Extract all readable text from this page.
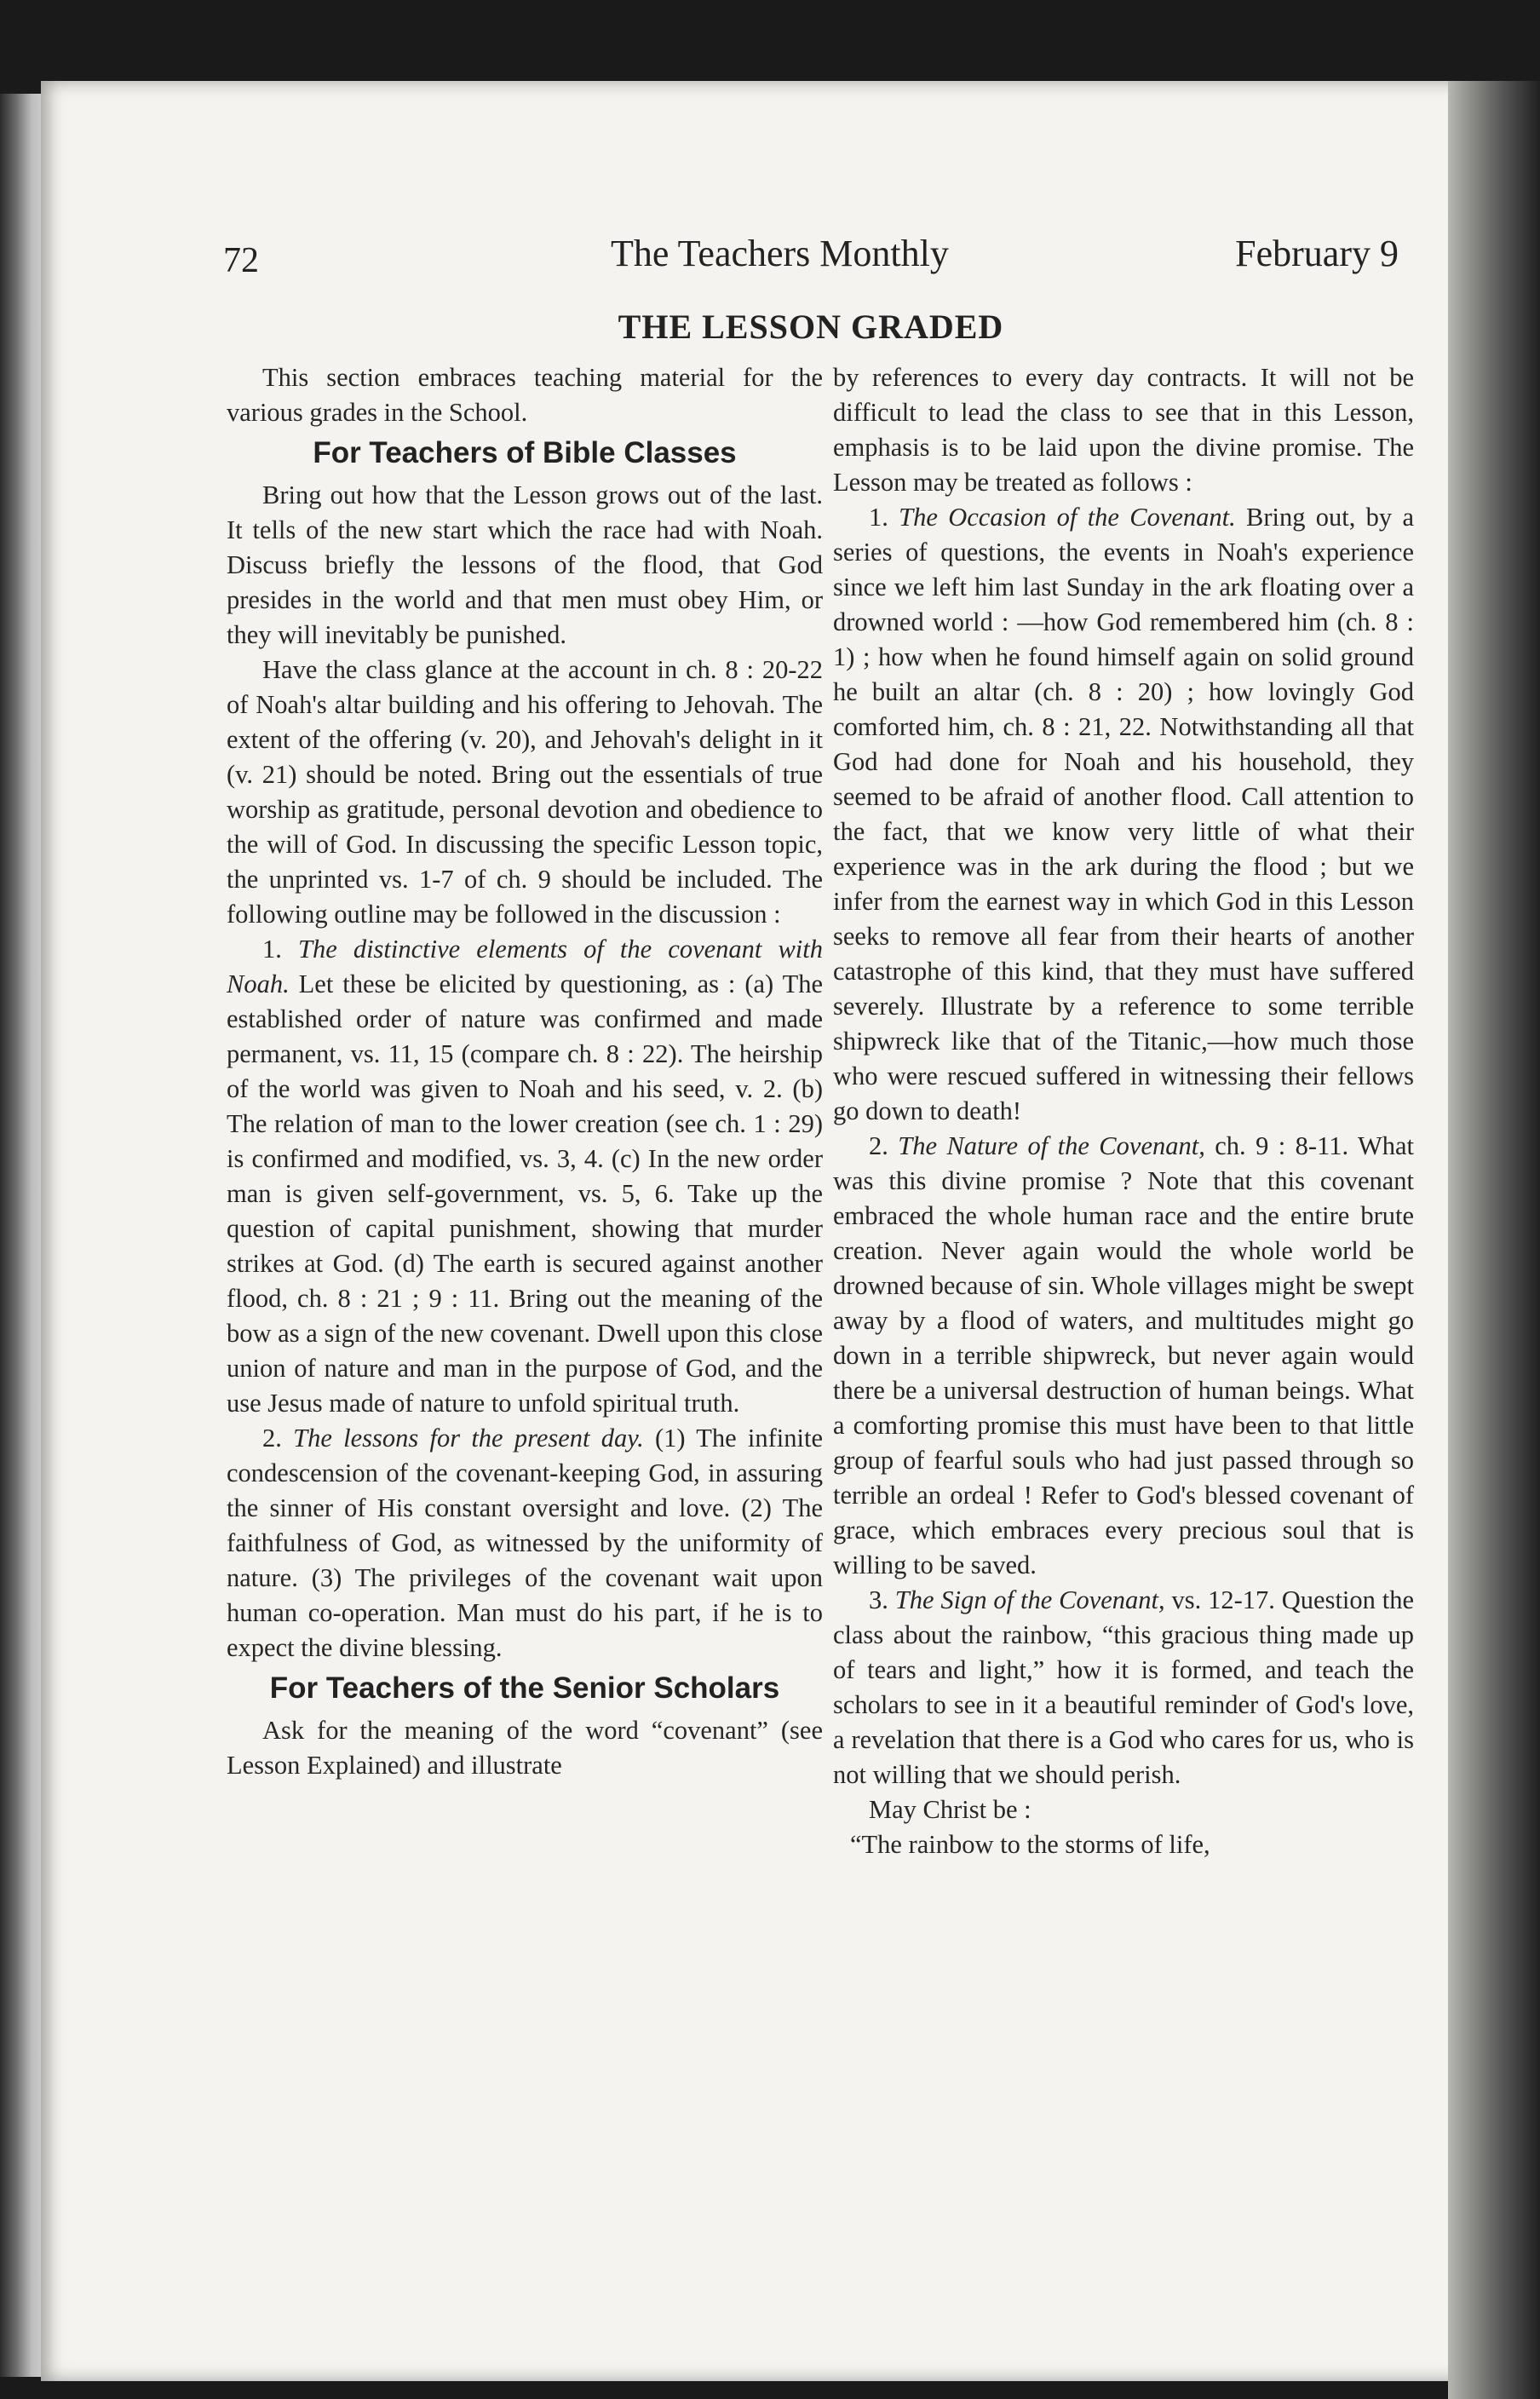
72	The Teachers Monthly	February 9
THE LESSON GRADED

This section embraces teaching material for the various grades in the School.

For Teachers of Bible Classes

Bring out how that the Lesson grows out of the last. It tells of the new start which the race had with Noah. Discuss briefly the lessons of the flood, that God presides in the world and that men must obey Him, or they will inevitably be punished.

Have the class glance at the account in ch. 8 : 20-22 of Noah's altar building and his offering to Jehovah. The extent of the offering (v. 20), and Jehovah's delight in it (v. 21) should be noted. Bring out the essentials of true worship as gratitude, personal devotion and obedience to the will of God. In discussing the specific Lesson topic, the unprinted vs. 1-7 of ch. 9 should be included. The following outline may be followed in the discussion :

1. The distinctive elements of the covenant with Noah. Let these be elicited by questioning, as : (a) The established order of nature was confirmed and made permanent, vs. 11, 15 (compare ch. 8 : 22). The heirship of the world was given to Noah and his seed, v. 2. (b) The relation of man to the lower creation (see ch. 1 : 29) is confirmed and modified, vs. 3, 4. (c) In the new order man is given self-government, vs. 5, 6. Take up the question of capital punishment, showing that murder strikes at God. (d) The earth is secured against another flood, ch. 8 : 21 ; 9 : 11. Bring out the meaning of the bow as a sign of the new covenant. Dwell upon this close union of nature and man in the purpose of God, and the use Jesus made of nature to unfold spiritual truth.

2. The lessons for the present day. (1) The infinite condescension of the covenant-keeping God, in assuring the sinner of His constant oversight and love. (2) The faithfulness of God, as witnessed by the uniformity of nature. (3) The privileges of the covenant wait upon human co-operation. Man must do his part, if he is to expect the divine blessing.

For Teachers of the Senior Scholars

Ask for the meaning of the word “covenant” (see Lesson Explained) and illustrate

by references to every day contracts. It will not be difficult to lead the class to see that in this Lesson, emphasis is to be laid upon the divine promise. The Lesson may be treated as follows :

1. The Occasion of the Covenant. Bring out, by a series of questions, the events in Noah's experience since we left him last Sunday in the ark floating over a drowned world : —how God remembered him (ch. 8 : 1) ; how when he found himself again on solid ground he built an altar (ch. 8 : 20) ; how lovingly God comforted him, ch. 8 : 21, 22. Notwithstanding all that God had done for Noah and his household, they seemed to be afraid of another flood. Call attention to the fact, that we know very little of what their experience was in the ark during the flood ; but we infer from the earnest way in which God in this Lesson seeks to remove all fear from their hearts of another catastrophe of this kind, that they must have suffered severely. Illustrate by a reference to some terrible shipwreck like that of the Titanic,—how much those who were rescued suffered in witnessing their fellows go down to death!

2. The Nature of the Covenant, ch. 9 : 8-11. What was this divine promise ? Note that this covenant embraced the whole human race and the entire brute creation. Never again would the whole world be drowned because of sin. Whole villages might be swept away by a flood of waters, and multitudes might go down in a terrible shipwreck, but never again would there be a universal destruction of human beings. What a comforting promise this must have been to that little group of fearful souls who had just passed through so terrible an ordeal ! Refer to God's blessed covenant of grace, which embraces every precious soul that is willing to be saved.

3. The Sign of the Covenant, vs. 12-17. Question the class about the rainbow, “this gracious thing made up of tears and light,” how it is formed, and teach the scholars to see in it a beautiful reminder of God's love, a revelation that there is a God who cares for us, who is not willing that we should perish.

May Christ be :

“The rainbow to the storms of life,
